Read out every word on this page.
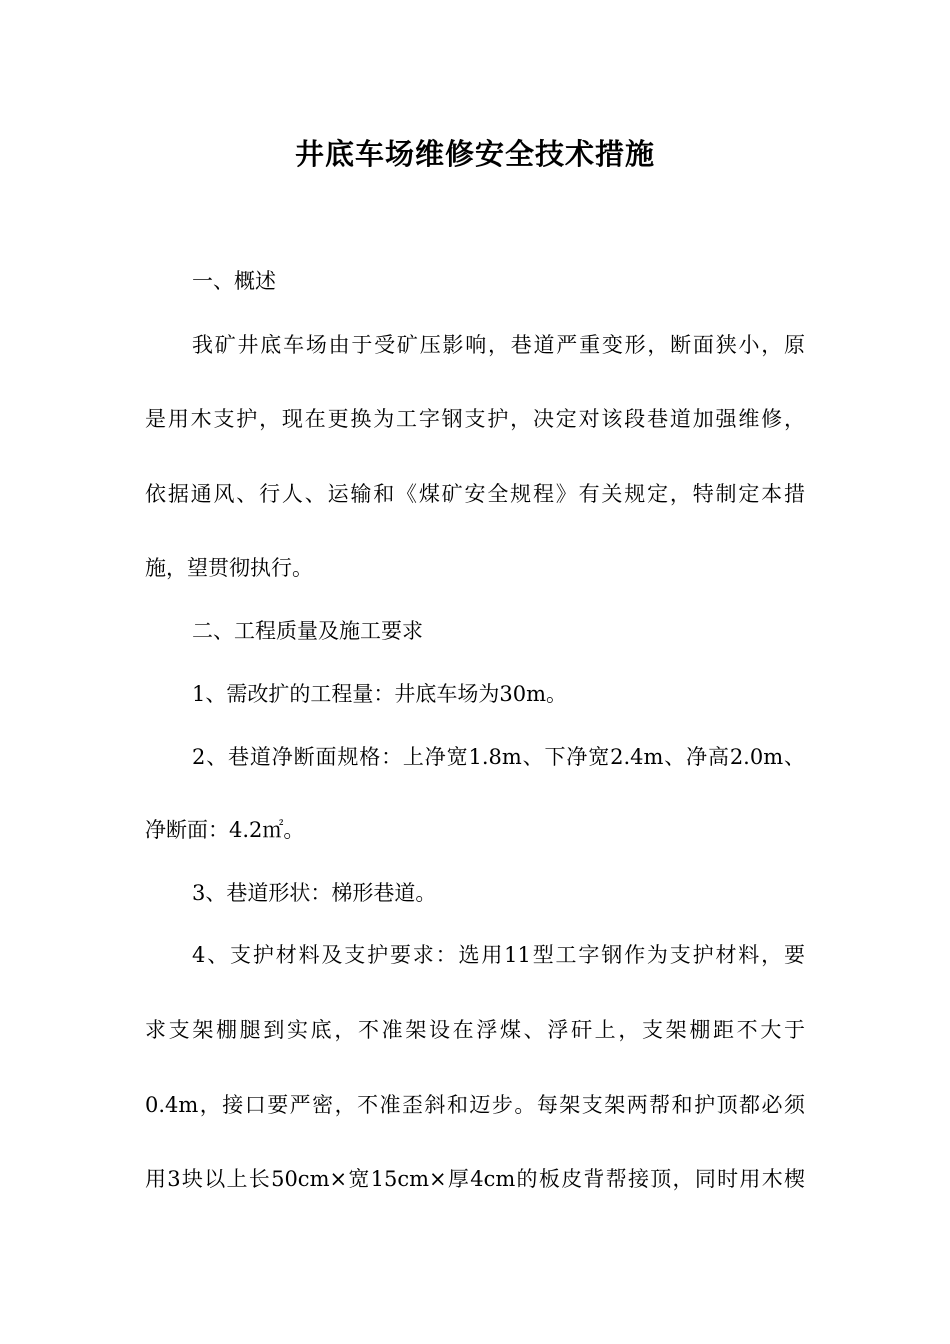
井底车场维修安全技术措施
一、概述
我矿井底车场由于受矿压影响，巷道严重变形，断面狭小，原
是用木支护，现在更换为工字钢支护，决定对该段巷道加强维修，
依据通风、行人、运输和《煤矿安全规程》有关规定，特制定本措
施，望贯彻执行。
二、工程质量及施工要求
1、需改扩的工程量：井底车场为30m。
2、巷道净断面规格：上净宽1.8m、下净宽2.4m、净高2.0m、
净断面：4.2㎡。
3、巷道形状：梯形巷道。
4、支护材料及支护要求：选用11型工字钢作为支护材料，要
求支架棚腿到实底，不准架设在浮煤、浮矸上，支架棚距不大于
0.4m，接口要严密，不准歪斜和迈步。每架支架两帮和护顶都必须
用3块以上长50cm×宽15cm×厚4cm的板皮背帮接顶，同时用木楔
